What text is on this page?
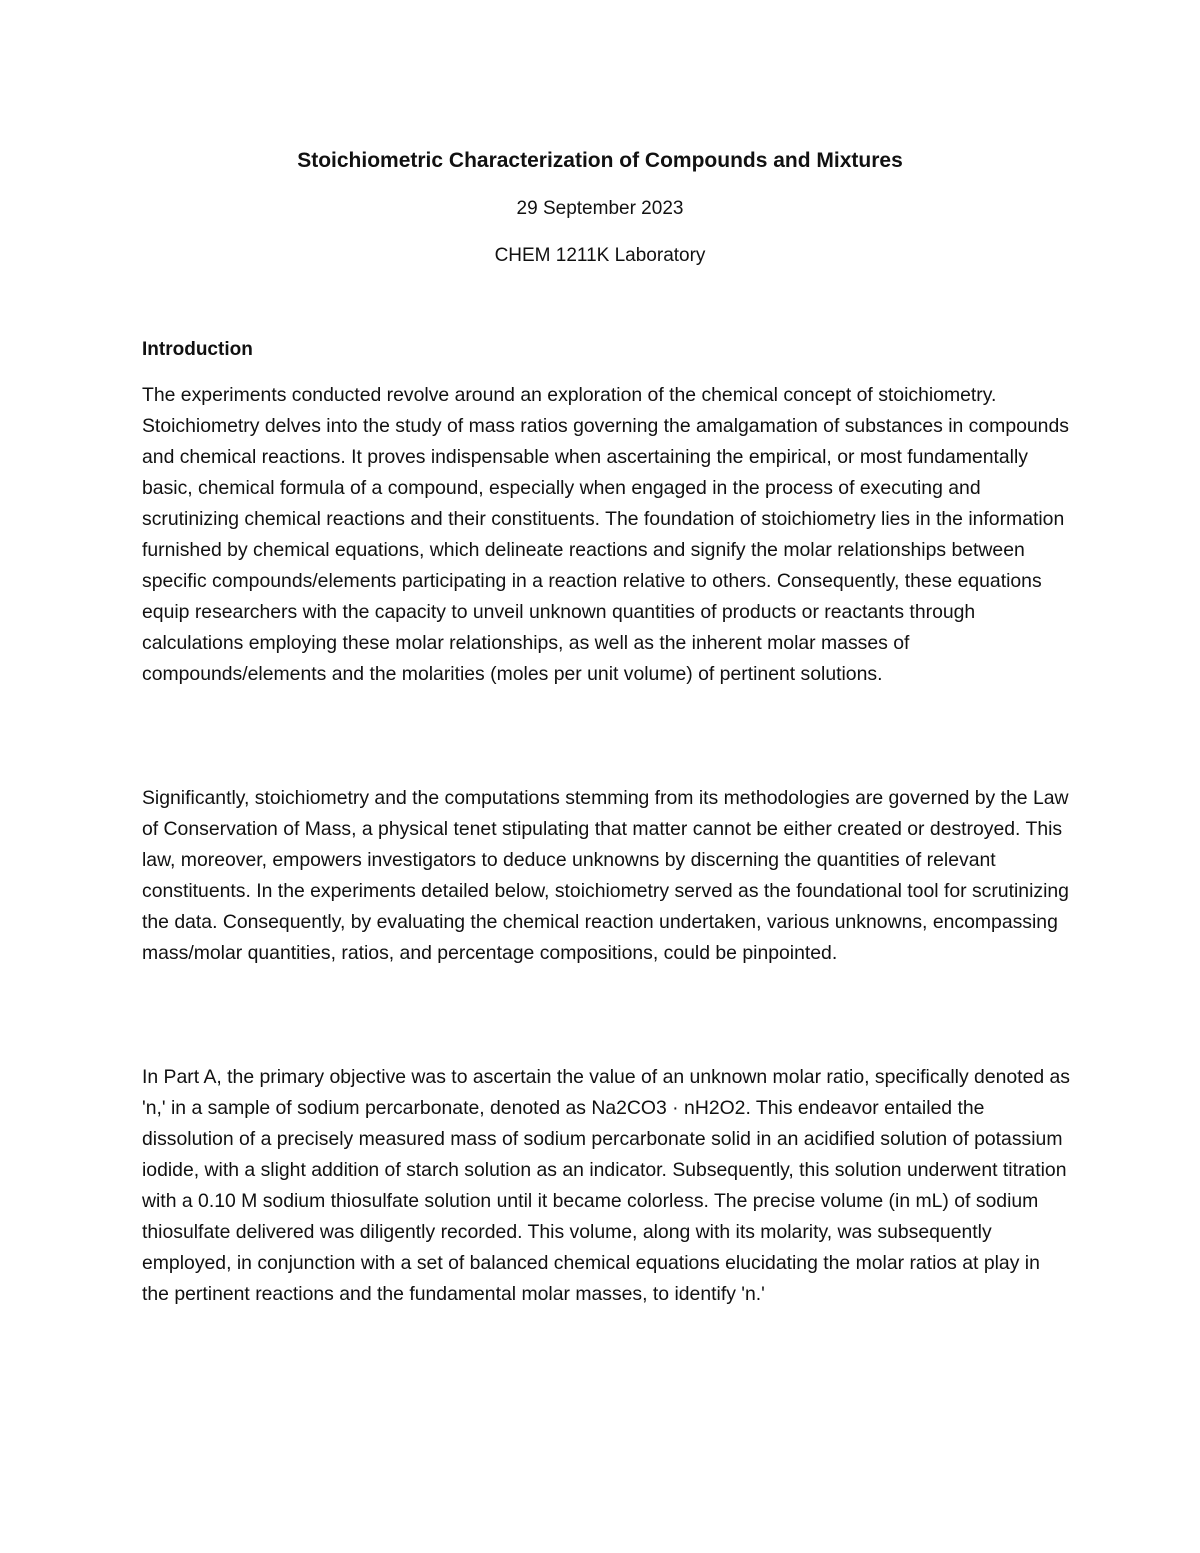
Stoichiometric Characterization of Compounds and Mixtures

29 September 2023

CHEM 1211K Laboratory

Introduction

The experiments conducted revolve around an exploration of the chemical concept of stoichiometry. Stoichiometry delves into the study of mass ratios governing the amalgamation of substances in compounds and chemical reactions. It proves indispensable when ascertaining the empirical, or most fundamentally basic, chemical formula of a compound, especially when engaged in the process of executing and scrutinizing chemical reactions and their constituents. The foundation of stoichiometry lies in the information furnished by chemical equations, which delineate reactions and signify the molar relationships between specific compounds/elements participating in a reaction relative to others. Consequently, these equations equip researchers with the capacity to unveil unknown quantities of products or reactants through calculations employing these molar relationships, as well as the inherent molar masses of compounds/elements and the molarities (moles per unit volume) of pertinent solutions.

Significantly, stoichiometry and the computations stemming from its methodologies are governed by the Law of Conservation of Mass, a physical tenet stipulating that matter cannot be either created or destroyed. This law, moreover, empowers investigators to deduce unknowns by discerning the quantities of relevant constituents. In the experiments detailed below, stoichiometry served as the foundational tool for scrutinizing the data. Consequently, by evaluating the chemical reaction undertaken, various unknowns, encompassing mass/molar quantities, ratios, and percentage compositions, could be pinpointed.

In Part A, the primary objective was to ascertain the value of an unknown molar ratio, specifically denoted as 'n,' in a sample of sodium percarbonate, denoted as Na2CO3 · nH2O2. This endeavor entailed the dissolution of a precisely measured mass of sodium percarbonate solid in an acidified solution of potassium iodide, with a slight addition of starch solution as an indicator. Subsequently, this solution underwent titration with a 0.10 M sodium thiosulfate solution until it became colorless. The precise volume (in mL) of sodium thiosulfate delivered was diligently recorded. This volume, along with its molarity, was subsequently employed, in conjunction with a set of balanced chemical equations elucidating the molar ratios at play in the pertinent reactions and the fundamental molar masses, to identify 'n.'
